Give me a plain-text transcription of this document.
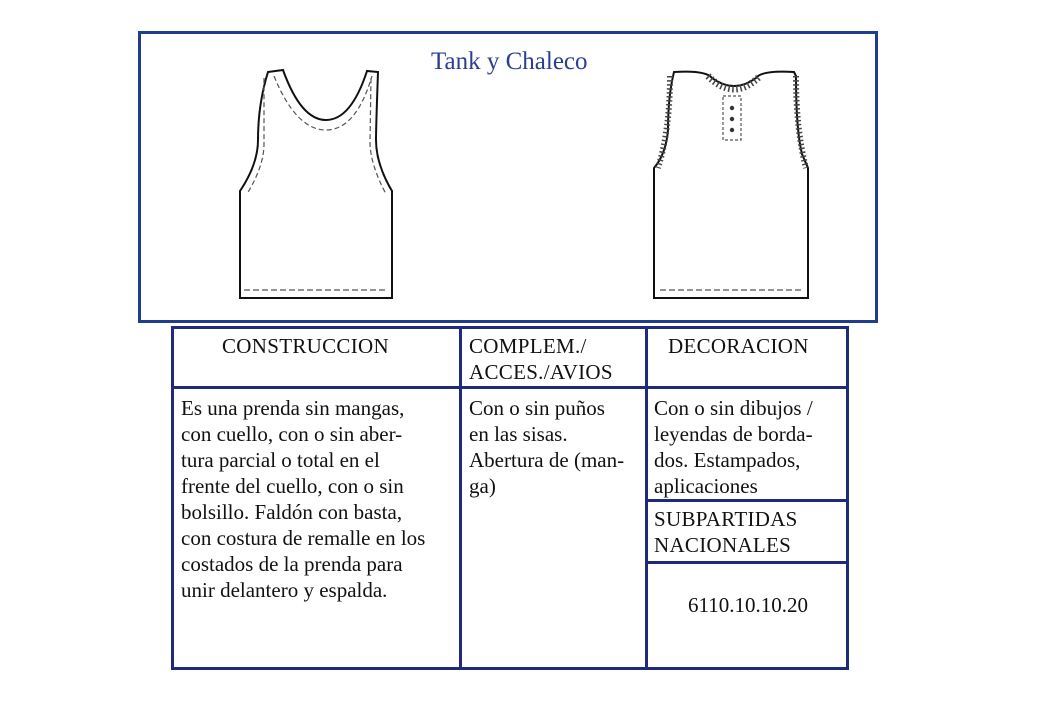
Tank y Chaleco
CONSTRUCCION	COMPLEM./
ACCES./AVIOS
DECORACION
Es una prenda sin mangas,
con cuello, con o sin aber-
tura parcial o total en el
frente del cuello, con o sin
bolsillo. Faldón con basta,
con costura de remalle en los
costados de la prenda para
unir delantero y espalda.
Con o sin puños
en las sisas.
Abertura de (man-
ga)
Con o sin dibujos /
leyendas de borda-
dos. Estampados,
aplicaciones
SUBPARTIDAS
NACIONALES
6110.10.10.20
